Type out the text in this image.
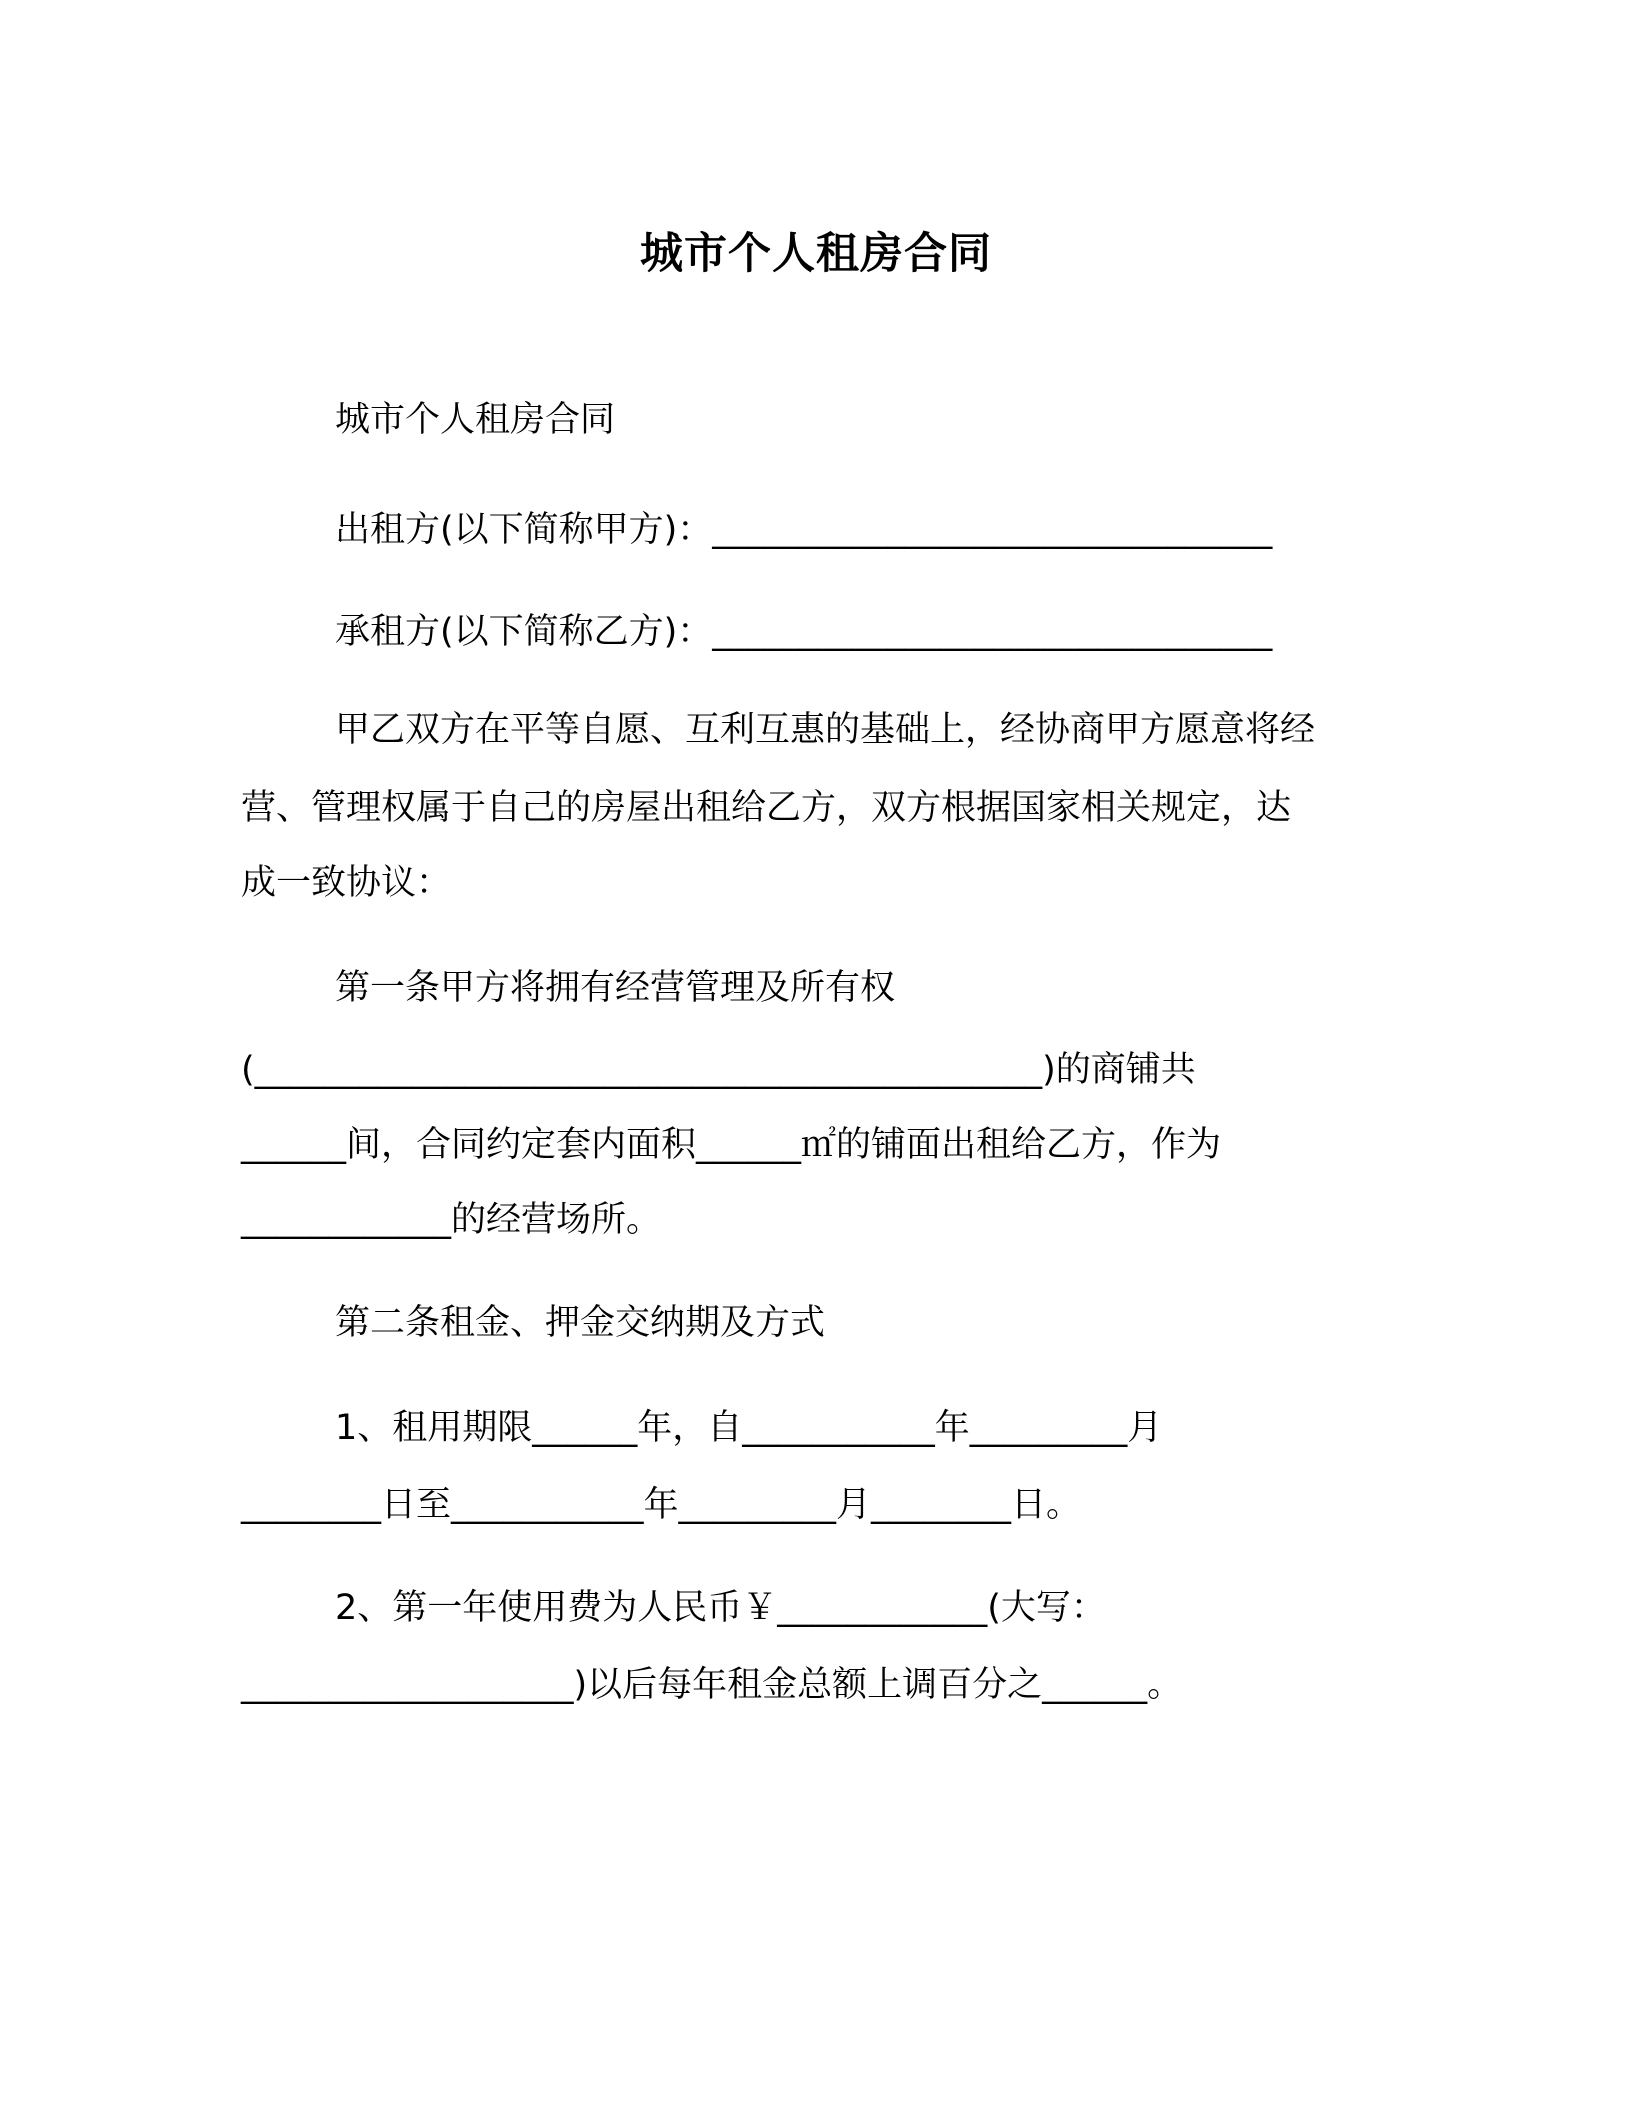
城市个人租房合同
城市个人租房合同
出租方(以下简称甲方)：________________________________
承租方(以下简称乙方)：________________________________
甲乙双方在平等自愿、互利互惠的基础上，经协商甲方愿意将经
营、管理权属于自己的房屋出租给乙方，双方根据国家相关规定，达
成一致协议：
第一条甲方将拥有经营管理及所有权
(_____________________________________________)的商铺共
______间，合同约定套内面积______㎡的铺面出租给乙方，作为
____________的经营场所。
第二条租金、押金交纳期及方式
1、租用期限______年，自___________年_________月
________日至___________年_________月________日。
2、第一年使用费为人民币￥____________(大写：
___________________)以后每年租金总额上调百分之______。
